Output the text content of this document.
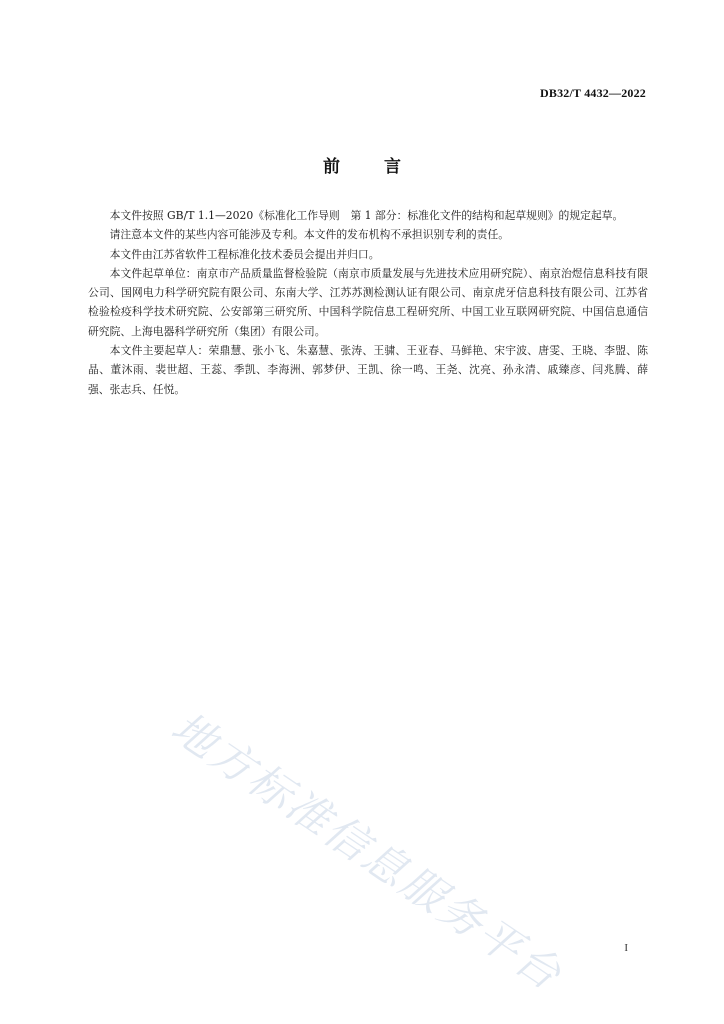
DB32/T 4432—2022
前	言

本文件按照 GB/T 1.1—2020《标准化工作导则　第 1 部分：标准化文件的结构和起草规则》的规定起草。

请注意本文件的某些内容可能涉及专利。本文件的发布机构不承担识别专利的责任。

本文件由江苏省软件工程标准化技术委员会提出并归口。

本文件起草单位：南京市产品质量监督检验院（南京市质量发展与先进技术应用研究院）、南京治煜信息科技有限公司、国网电力科学研究院有限公司、东南大学、江苏苏测检测认证有限公司、南京虎牙信息科技有限公司、江苏省检验检疫科学技术研究院、公安部第三研究所、中国科学院信息工程研究所、中国工业互联网研究院、中国信息通信研究院、上海电器科学研究所（集团）有限公司。

本文件主要起草人：荣鼎慧、张小飞、朱嘉慧、张涛、王骕、王亚春、马鲜艳、宋宇波、唐雯、王晓、李盟、陈晶、董沐雨、裴世超、王蕊、季凯、李海洲、郭梦伊、王凯、徐一鸣、王尧、沈亮、孙永清、戚臻彦、闫兆腾、薛强、张志兵、任悦。

地方标准信息服务平台	I
